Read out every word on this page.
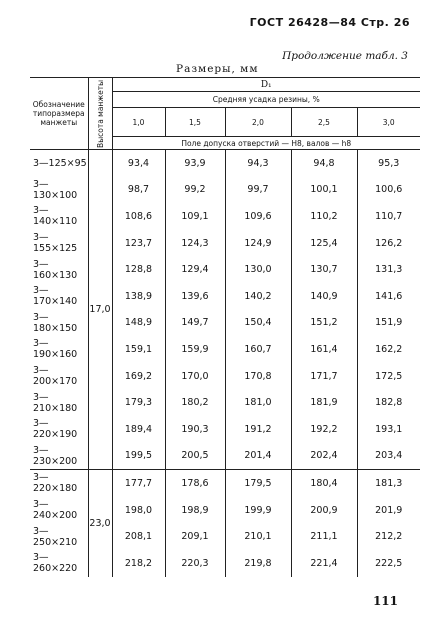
ГОСТ 26428—84 Стр. 26
Продолжение табл. 3
Размеры, мм
Обозначение типоразмера манжеты	Высота манжеты	D₁				
		Средняя усадка резины, %				
		1,0	1,5	2,0	2,5	3,0
		Поле допуска отверстий — Н8, валов — h8				
3—125×95	17,0	93,4	93,9	94,3	94,8	95,3
3—130×100		98,7	99,2	99,7	100,1	100,6
3—140×110		108,6	109,1	109,6	110,2	110,7
3—155×125		123,7	124,3	124,9	125,4	126,2
3—160×130		128,8	129,4	130,0	130,7	131,3
3—170×140		138,9	139,6	140,2	140,9	141,6
3—180×150		148,9	149,7	150,4	151,2	151,9
3—190×160		159,1	159,9	160,7	161,4	162,2
3—200×170		169,2	170,0	170,8	171,7	172,5
3—210×180		179,3	180,2	181,0	181,9	182,8
3—220×190		189,4	190,3	191,2	192,2	193,1
3—230×200		199,5	200,5	201,4	202,4	203,4
3—220×180	23,0	177,7	178,6	179,5	180,4	181,3
3—240×200		198,0	198,9	199,9	200,9	201,9
3—250×210		208,1	209,1	210,1	211,1	212,2
3—260×220		218,2	220,3	219,8	221,4	222,5
111
